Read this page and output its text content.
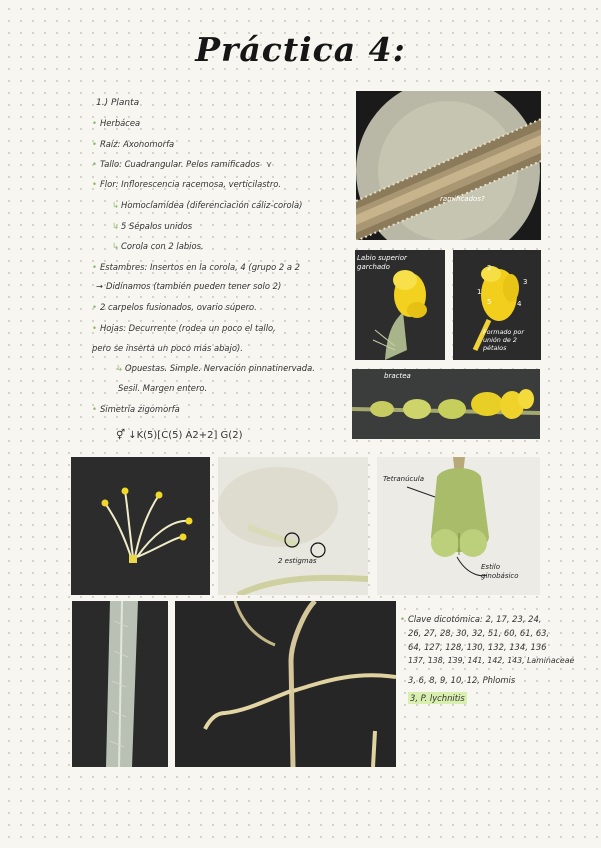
Práctica 4:
1.) Planta
• Herbácea
• Raíz: Axonomorfa
• Tallo: Cuadrangular. Pelos ramificados ⋎
• Flor: Inflorescencia racemosa, verticilastro.
↳ Homoclamídea (diferenciación cáliz-corola)
↳ 5 Sépalos unidos
↳ Corola con 2 labios.
• Estambres: Insertos en la corola, 4 (grupo 2 a 2
→ Didínamos (también pueden tener solo 2)
• 2 carpelos fusionados, ovario súpero.
• Hojas: Decurrente (rodea un poco el tallo,
pero se inserta un poco más abajo).
↳ Opuestas. Simple. Nervación pinnatinervada.
Sesil. Margen entero.
• Simetría zigomorfa
⚥ ↓K(5)[C(5) A2+2] G(2)
ramificados?
Labio superior
garchado	2
3
1
5	4
Formado por
unión de 2
pétalos
bractea
2 estigmas
Tetranúcula
Estilo
ginobásico
• Clave dicotómica: 2, 17, 23, 24,
26, 27, 28, 30, 32, 51, 60, 61, 63,
64, 127, 128, 130, 132, 134, 136
137, 138, 139, 141, 142, 143, Laminaceae
3, 6, 8, 9, 10, 12, Phlomis
3, P. lychnitis
